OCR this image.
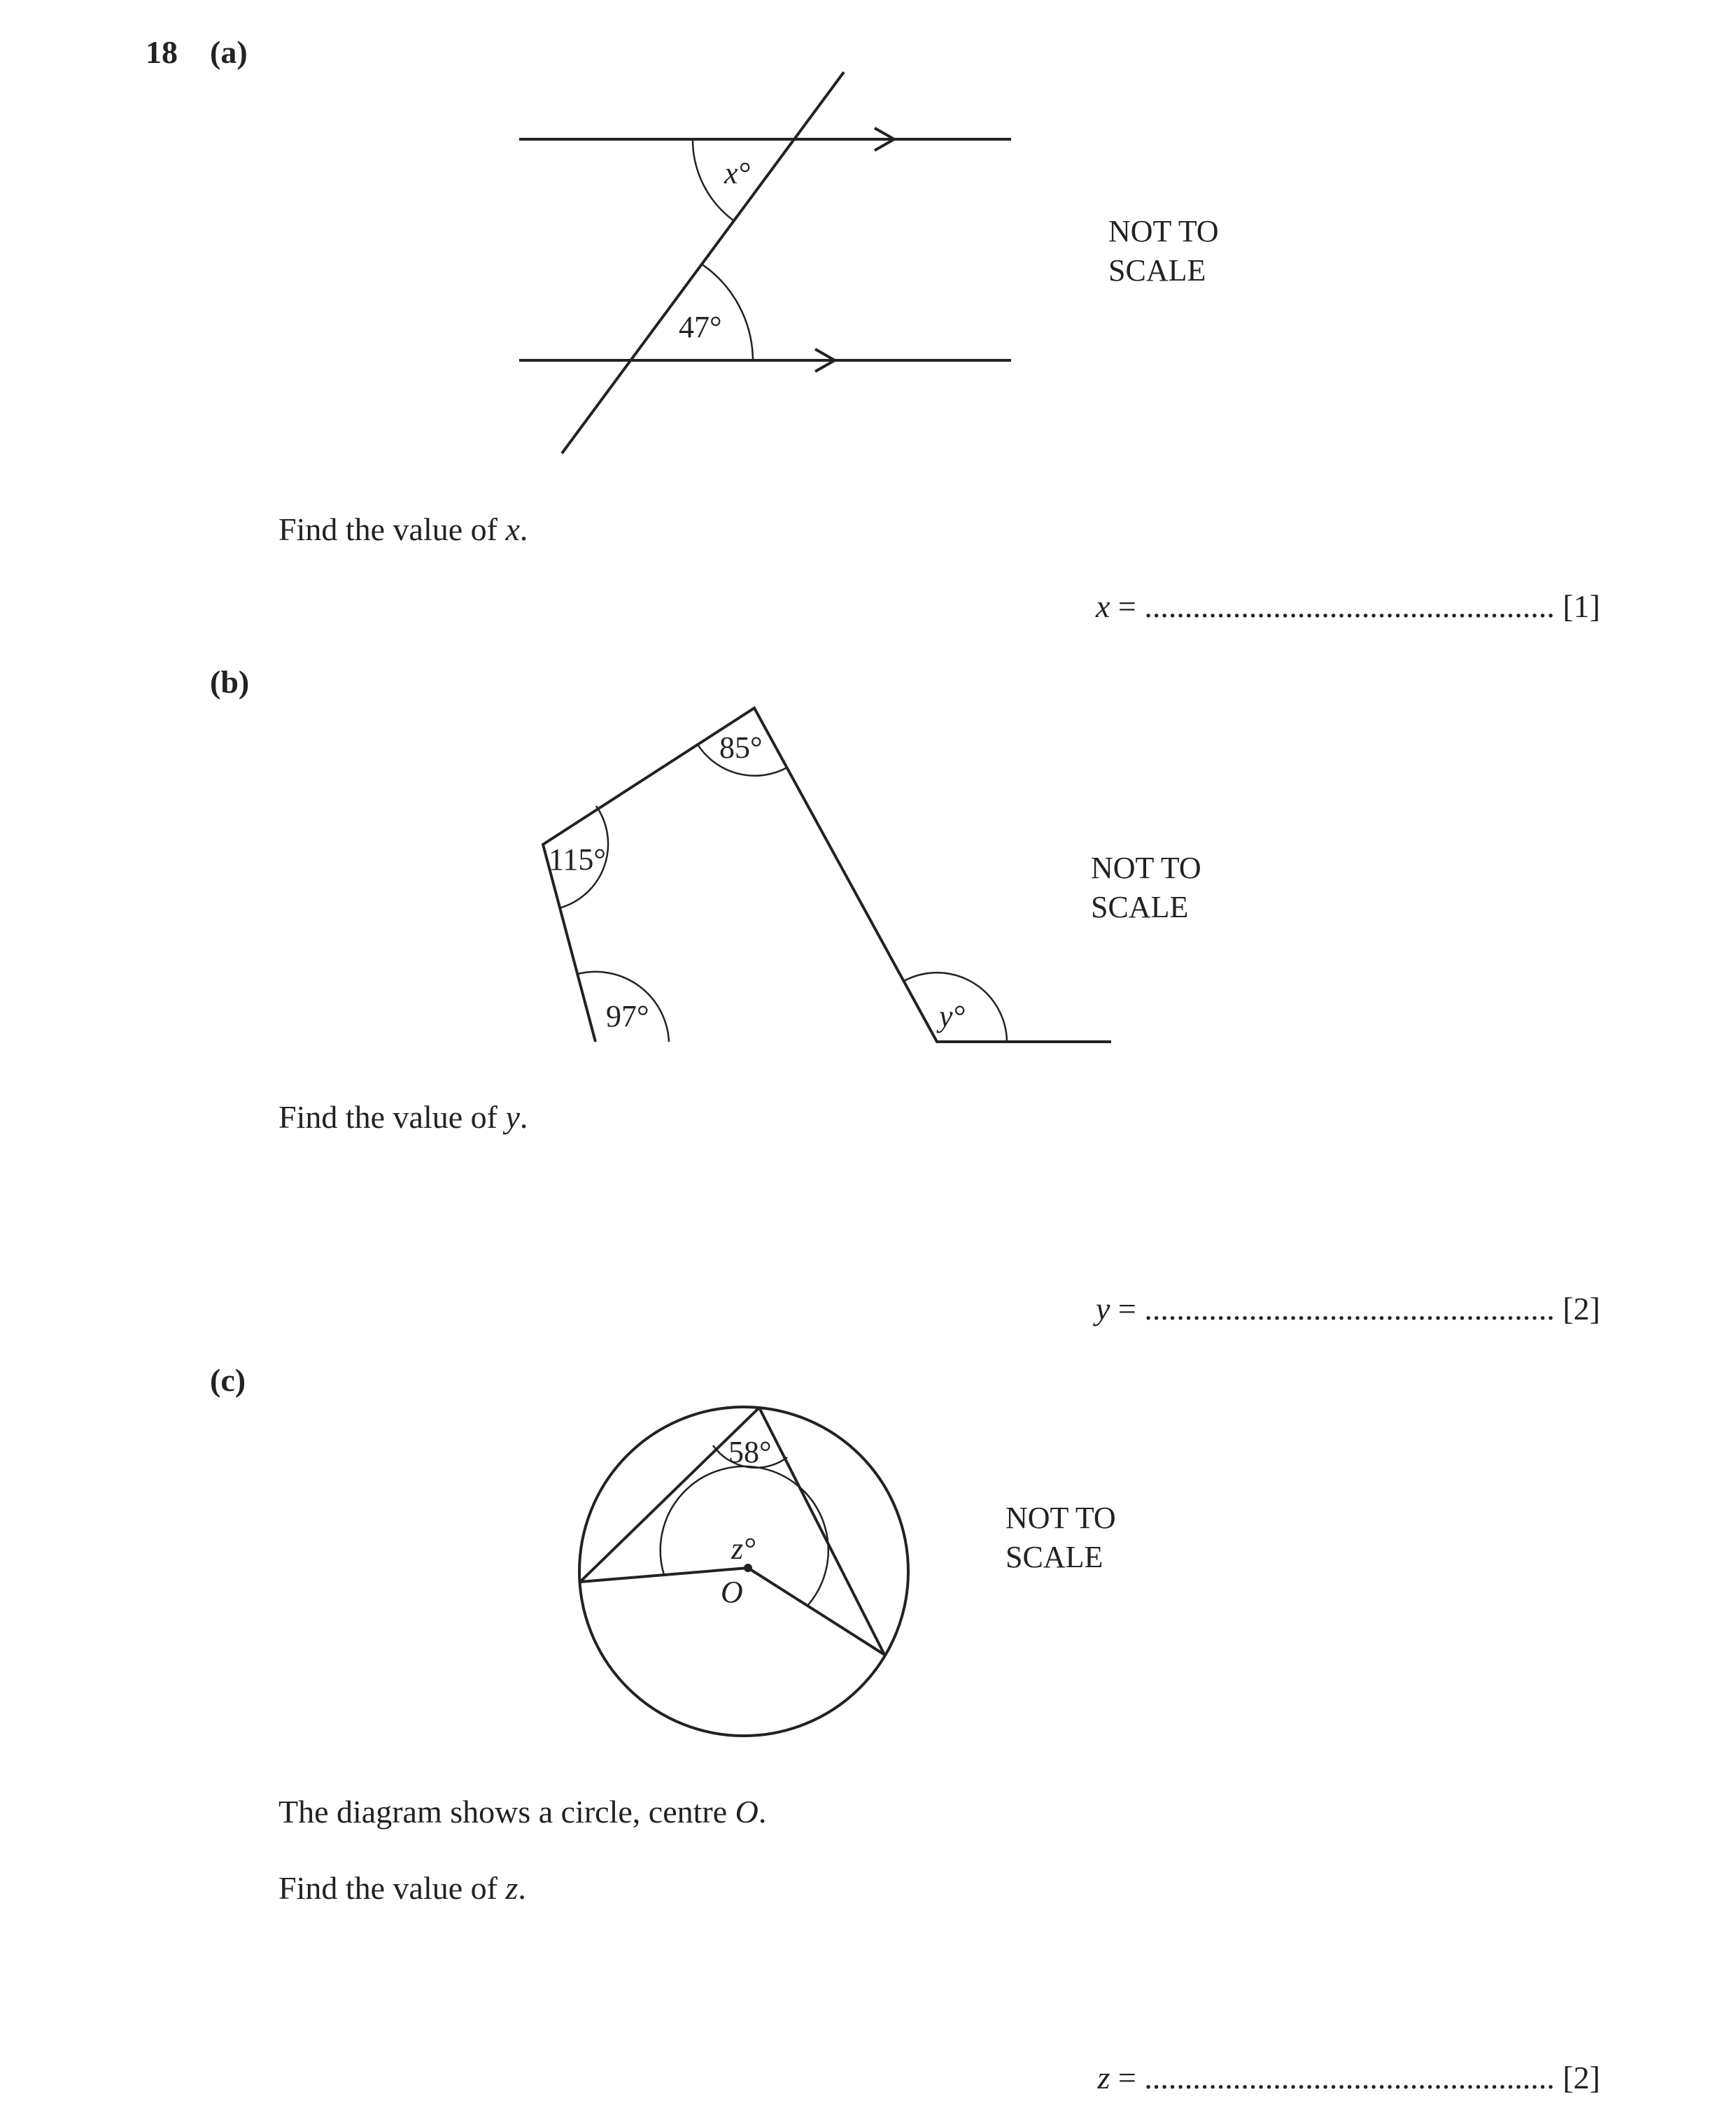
18 (a)
(b)
(c)
x°
47°
NOT TO
SCALE
Find the value of x.
x = ................................................... [1]
85°
115°
97°	y°
NOT TO
SCALE
Find the value of y.
y = ................................................... [2]
58°
z°
O
NOT TO
SCALE
The diagram shows a circle, centre O.
Find the value of z.
z = ................................................... [2]
